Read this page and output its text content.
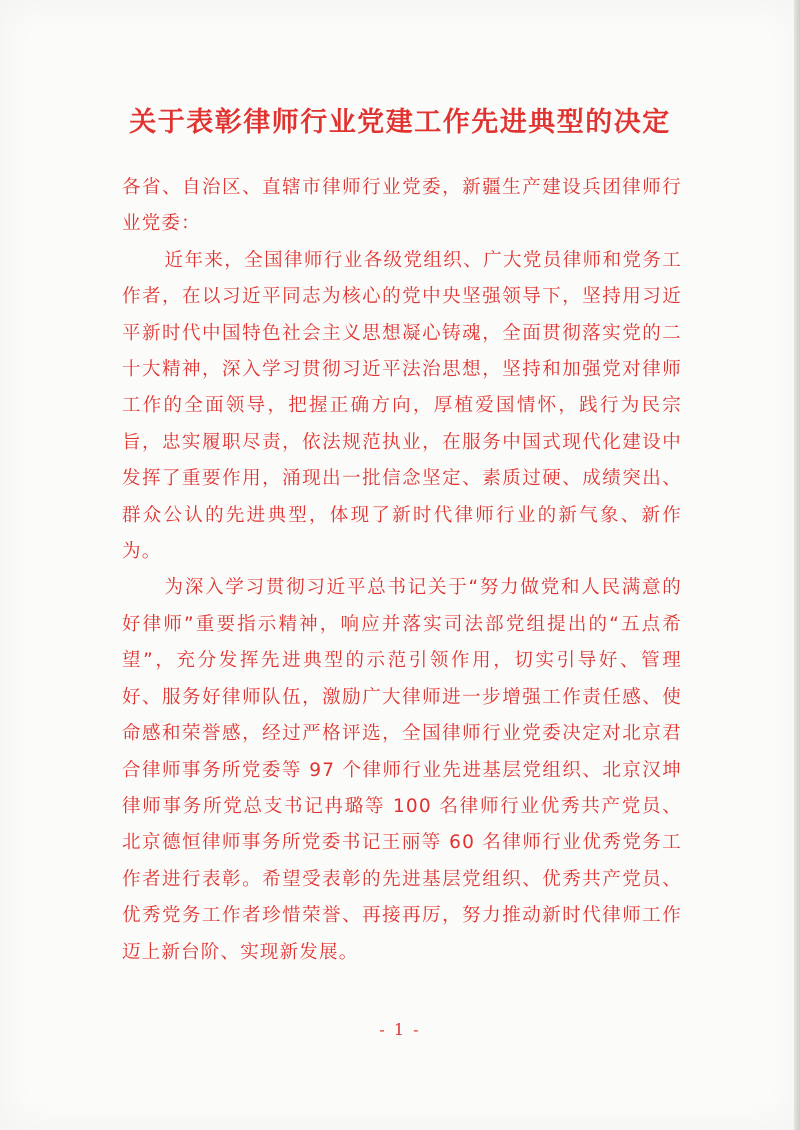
关于表彰律师行业党建工作先进典型的决定

各省、自治区、直辖市律师行业党委，新疆生产建设兵团律师行业党委：

近年来，全国律师行业各级党组织、广大党员律师和党务工作者，在以习近平同志为核心的党中央坚强领导下，坚持用习近平新时代中国特色社会主义思想凝心铸魂，全面贯彻落实党的二十大精神，深入学习贯彻习近平法治思想，坚持和加强党对律师工作的全面领导，把握正确方向，厚植爱国情怀，践行为民宗旨，忠实履职尽责，依法规范执业，在服务中国式现代化建设中发挥了重要作用，涌现出一批信念坚定、素质过硬、成绩突出、群众公认的先进典型，体现了新时代律师行业的新气象、新作为。

为深入学习贯彻习近平总书记关于“努力做党和人民满意的好律师”重要指示精神，响应并落实司法部党组提出的“五点希望”，充分发挥先进典型的示范引领作用，切实引导好、管理好、服务好律师队伍，激励广大律师进一步增强工作责任感、使命感和荣誉感，经过严格评选，全国律师行业党委决定对北京君合律师事务所党委等 97 个律师行业先进基层党组织、北京汉坤律师事务所党总支书记冉璐等 100 名律师行业优秀共产党员、北京德恒律师事务所党委书记王丽等 60 名律师行业优秀党务工作者进行表彰。希望受表彰的先进基层党组织、优秀共产党员、优秀党务工作者珍惜荣誉、再接再厉，努力推动新时代律师工作迈上新台阶、实现新发展。

- 1 -
